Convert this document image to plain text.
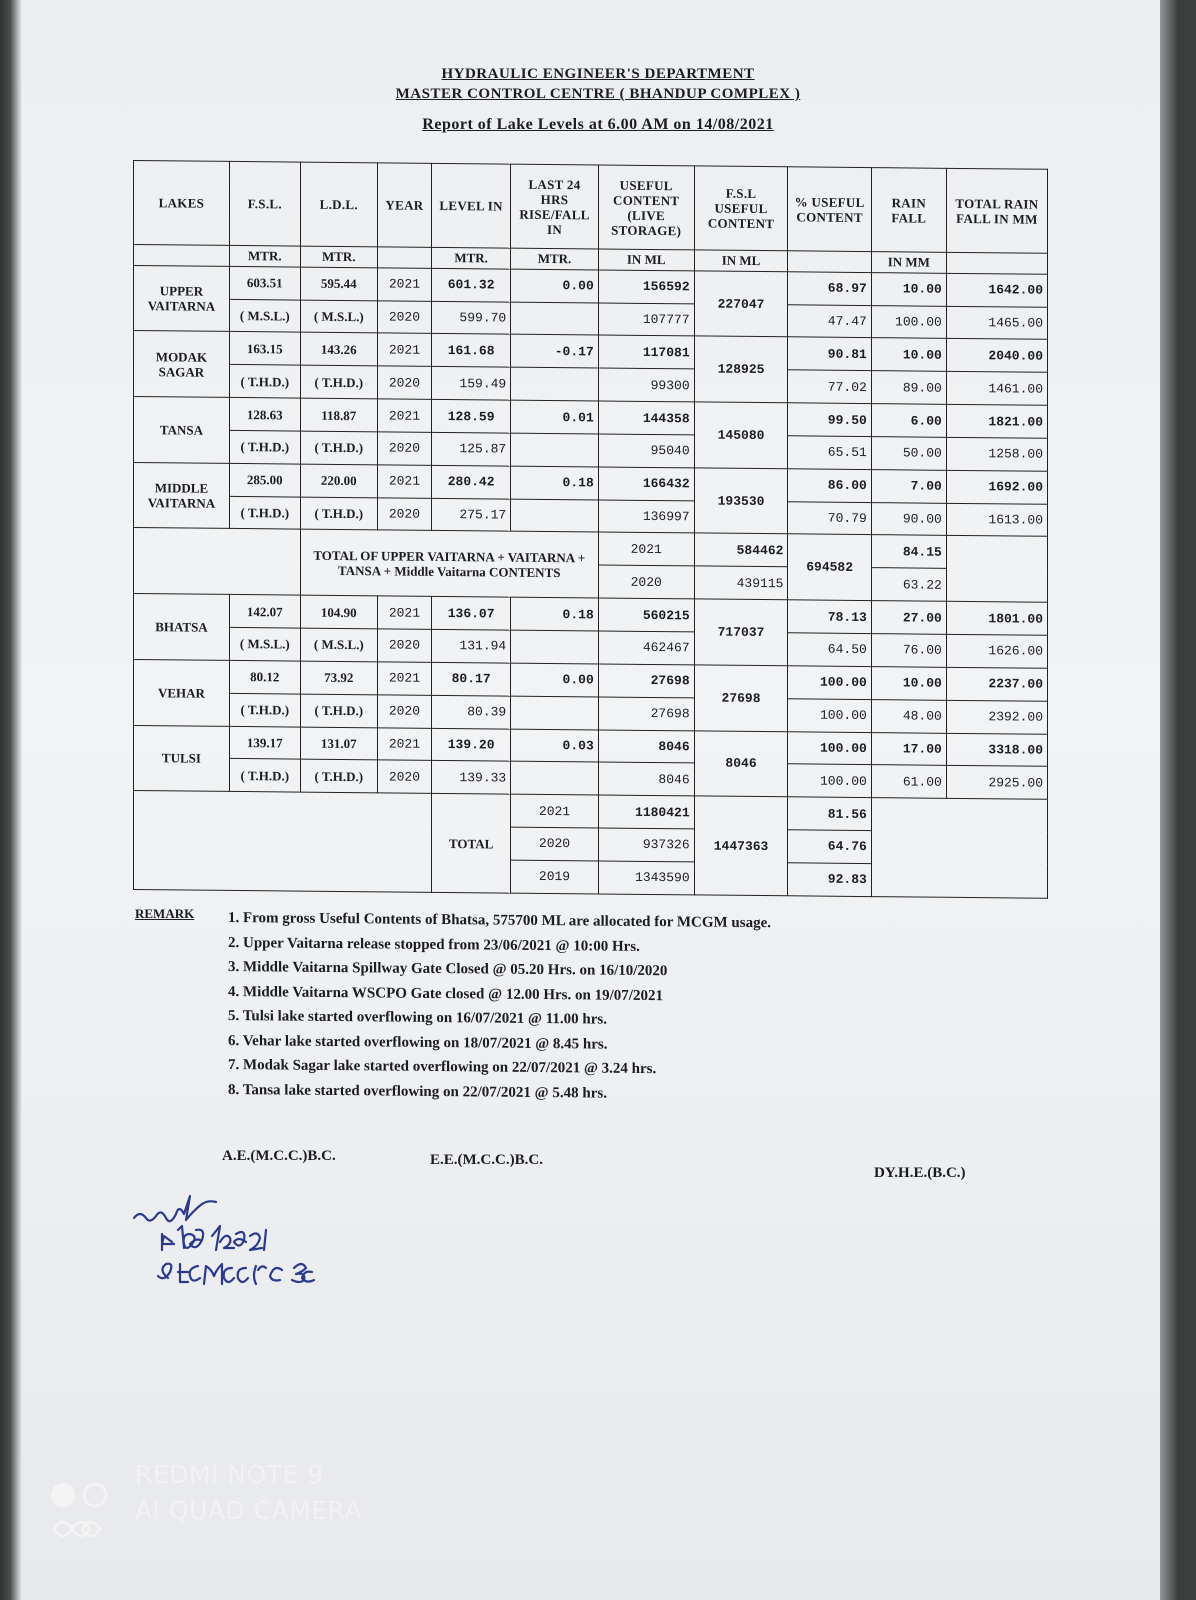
HYDRAULIC ENGINEER'S DEPARTMENT
MASTER CONTROL CENTRE ( BHANDUP COMPLEX )
Report of Lake Levels at 6.00 AM on 14/08/2021
LAKES	F.S.L.	L.D.L.	YEAR	LEVEL IN	LAST 24 HRS RISE/FALL IN	USEFUL CONTENT (LIVE STORAGE)	F.S.L USEFUL CONTENT	% USEFUL CONTENT	RAIN FALL	TOTAL RAIN FALL IN MM
	MTR.	MTR.		MTR.	MTR.	IN ML	IN ML		IN MM	
UPPER VAITARNA	603.51	595.44	2021	601.32	0.00	156592	227047	68.97	10.00	1642.00
	( M.S.L.)	( M.S.L.)	2020	599.70		107777		47.47	100.00	1465.00
MODAK SAGAR	163.15	143.26	2021	161.68	-0.17	117081	128925	90.81	10.00	2040.00
	( T.H.D.)	( T.H.D.)	2020	159.49		99300		77.02	89.00	1461.00
TANSA	128.63	118.87	2021	128.59	0.01	144358	145080	99.50	6.00	1821.00
	( T.H.D.)	( T.H.D.)	2020	125.87		95040		65.51	50.00	1258.00
MIDDLE VAITARNA	285.00	220.00	2021	280.42	0.18	166432	193530	86.00	7.00	1692.00
	( T.H.D.)	( T.H.D.)	2020	275.17		136997		70.79	90.00	1613.00
		TOTAL OF UPPER VAITARNA + VAITARNA + TANSA + Middle Vaitarna CONTENTS				2021	584462	694582	84.15	
						2020	439115		63.22	
BHATSA	142.07	104.90	2021	136.07	0.18	560215	717037	78.13	27.00	1801.00
	( M.S.L.)	( M.S.L.)	2020	131.94		462467		64.50	76.00	1626.00
VEHAR	80.12	73.92	2021	80.17	0.00	27698	27698	100.00	10.00	2237.00
	( T.H.D.)	( T.H.D.)	2020	80.39		27698		100.00	48.00	2392.00
TULSI	139.17	131.07	2021	139.20	0.03	8046	8046	100.00	17.00	3318.00
	( T.H.D.)	( T.H.D.)	2020	139.33		8046		100.00	61.00	2925.00
				TOTAL	2021	1180421	1447363	81.56		
					2020	937326		64.76		
					2019	1343590		92.83		
REMARK 1. From gross Useful Contents of Bhatsa, 575700 ML are allocated for MCGM usage.
2. Upper Vaitarna release stopped from 23/06/2021 @ 10:00 Hrs.
3. Middle Vaitarna Spillway Gate Closed @ 05.20 Hrs. on 16/10/2020
4. Middle Vaitarna WSCPO Gate closed @ 12.00 Hrs. on 19/07/2021
5. Tulsi lake started overflowing on 16/07/2021 @ 11.00 hrs.
6. Vehar lake started overflowing on 18/07/2021 @ 8.45 hrs.
7. Modak Sagar lake started overflowing on 22/07/2021 @ 3.24 hrs.
8. Tansa lake started overflowing on 22/07/2021 @ 5.48 hrs.
A.E.(M.C.C.)B.C.	E.E.(M.C.C.)B.C.
DY.H.E.(B.C.)
REDMI NOTE 9
AI QUAD CAMERA
